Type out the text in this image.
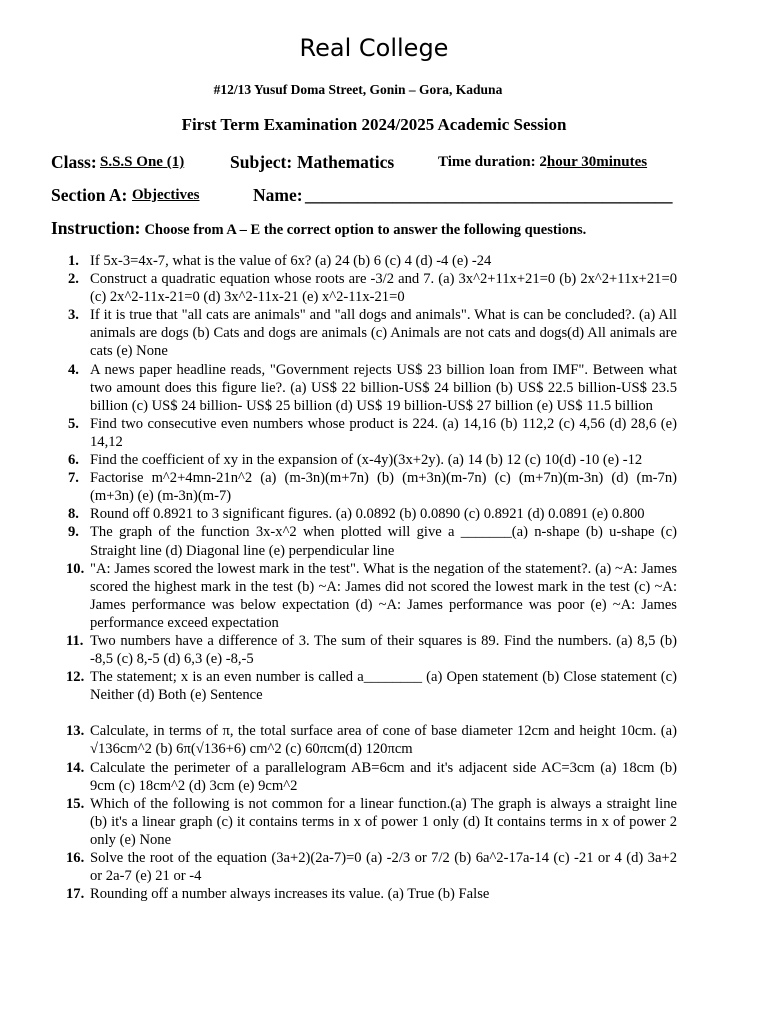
Real College
#12/13 Yusuf Doma Street, Gonin – Gora, Kaduna
First Term Examination 2024/2025 Academic Session
Class: S.S.S One (1)	Subject: Mathematics	Time duration: 2hour 30minutes
Section A: Objectives	Name: __________________________________________
Instruction: Choose from A – E the correct option to answer the following questions.
1. If 5x-3=4x-7, what is the value of 6x? (a) 24 (b) 6 (c) 4 (d) -4 (e) -24
2. Construct a quadratic equation whose roots are -3/2 and 7. (a) 3x^2+11x+21=0 (b) 2x^2+11x+21=0 (c) 2x^2-11x-21=0 (d) 3x^2-11x-21 (e) x^2-11x-21=0
3. If it is true that "all cats are animals" and "all dogs and animals". What is can be concluded?. (a) All animals are dogs (b) Cats and dogs are animals (c) Animals are not cats and dogs(d) All animals are cats (e) None
4. A news paper headline reads, "Government rejects US$ 23 billion loan from IMF". Between what two amount does this figure lie?. (a) US$ 22 billion-US$ 24 billion (b) US$ 22.5 billion-US$ 23.5 billion (c) US$ 24 billion- US$ 25 billion (d) US$ 19 billion-US$ 27 billion (e) US$ 11.5 billion
5. Find two consecutive even numbers whose product is 224. (a) 14,16 (b) 112,2 (c) 4,56 (d) 28,6 (e) 14,12
6. Find the coefficient of xy in the expansion of (x-4y)(3x+2y). (a) 14 (b) 12 (c) 10(d) -10 (e) -12
7. Factorise m^2+4mn-21n^2 (a) (m-3n)(m+7n) (b) (m+3n)(m-7n) (c) (m+7n)(m-3n) (d) (m-7n)(m+3n) (e) (m-3n)(m-7)
8. Round off 0.8921 to 3 significant figures. (a) 0.0892 (b) 0.0890 (c) 0.8921 (d) 0.0891 (e) 0.800
9. The graph of the function 3x-x^2 when plotted will give a _______(a) n-shape (b) u-shape (c) Straight line (d) Diagonal line (e) perpendicular line
10. "A: James scored the lowest mark in the test". What is the negation of the statement?. (a) ~A: James scored the highest mark in the test (b) ~A: James did not scored the lowest mark in the test (c) ~A: James performance was below expectation (d) ~A: James performance was poor (e) ~A: James performance exceed expectation
11. Two numbers have a difference of 3. The sum of their squares is 89. Find the numbers. (a) 8,5 (b) -8,5 (c) 8,-5 (d) 6,3 (e) -8,-5
12. The statement; x is an even number is called a________ (a) Open statement (b) Close statement (c) Neither (d) Both (e) Sentence
13. Calculate, in terms of π, the total surface area of cone of base diameter 12cm and height 10cm. (a) √136cm^2 (b) 6π(√136+6) cm^2 (c) 60πcm(d) 120πcm
14. Calculate the perimeter of a parallelogram AB=6cm and it's adjacent side AC=3cm (a) 18cm (b) 9cm (c) 18cm^2 (d) 3cm (e) 9cm^2
15. Which of the following is not common for a linear function.(a) The graph is always a straight line (b) it's a linear graph (c) it contains terms in x of power 1 only (d) It contains terms in x of power 2 only (e) None
16. Solve the root of the equation (3a+2)(2a-7)=0 (a) -2/3 or 7/2 (b) 6a^2-17a-14 (c) -21 or 4 (d) 3a+2 or 2a-7 (e) 21 or -4
17. Rounding off a number always increases its value. (a) True (b) False
